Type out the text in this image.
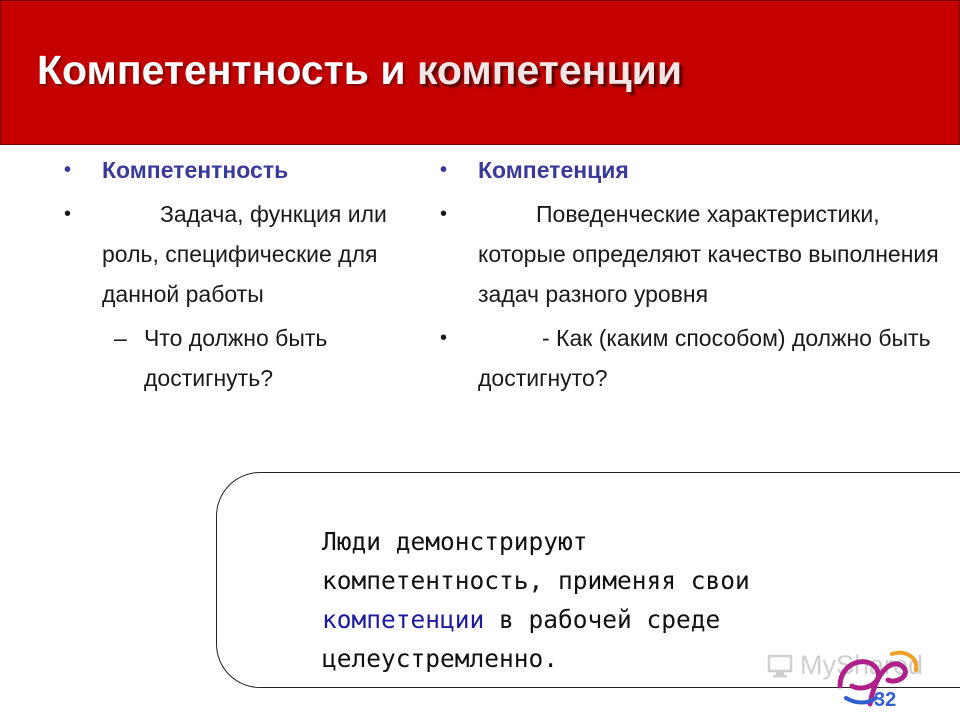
Компетентность и компетенции
•	Компетентность
•	Задача, функция или роль, специфические для данной работы
– Что должно быть достигнуть?
•	Компетенция
•	Поведенческие характеристики, которые определяют качество выполнения задач разного уровня
•	- Как (каким способом) должно быть достигнуто?
Люди демонстрируют
компетентность, применяя свои
компетенции в рабочей среде
целеустремленно.	MyShared
32
